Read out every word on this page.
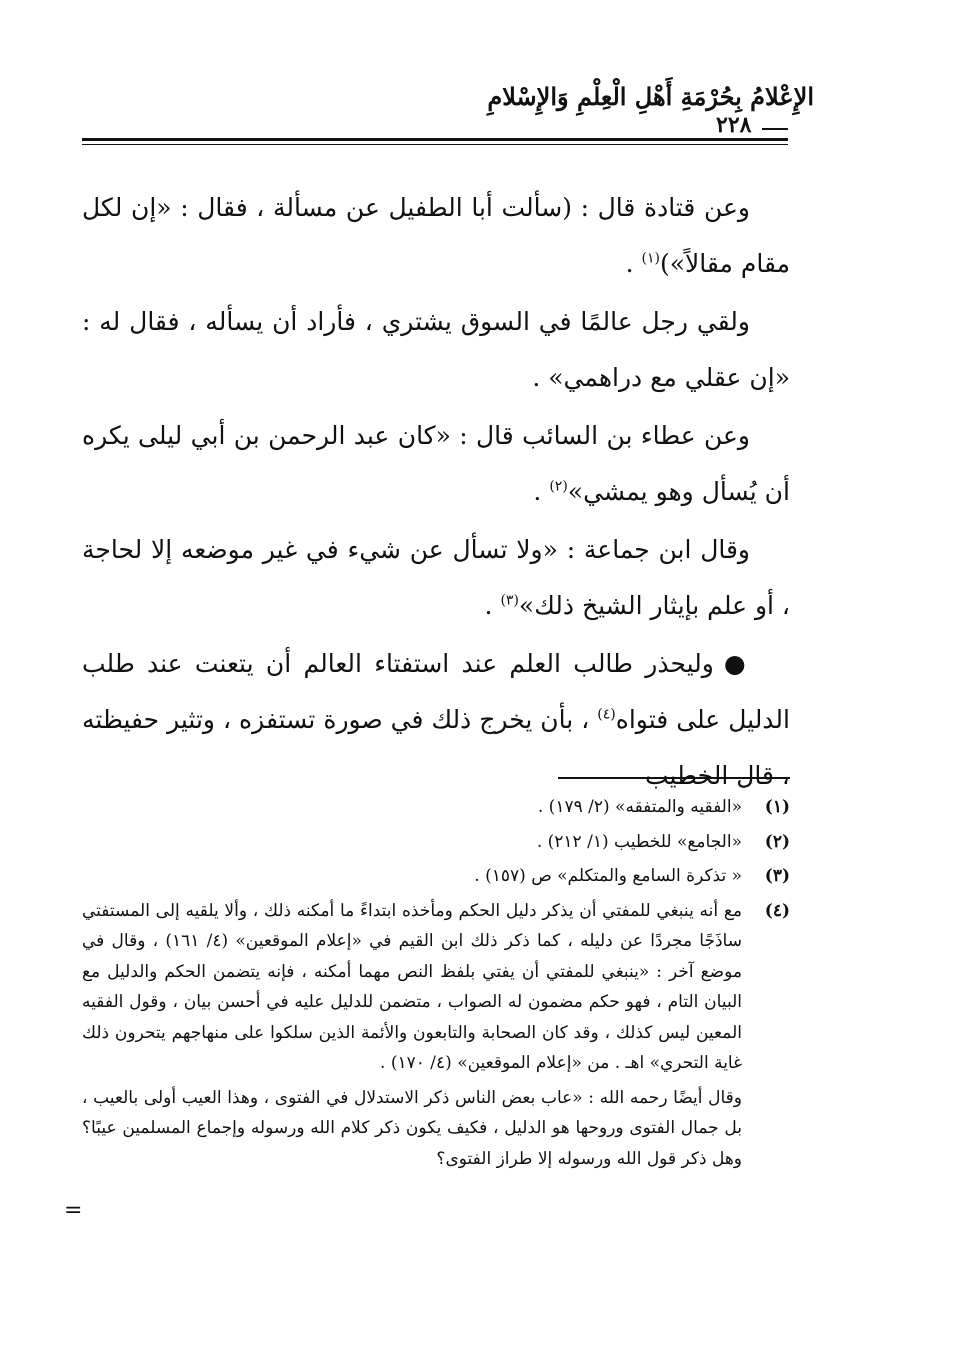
الإِعْلامُ بِحُرْمَةِ أَهْلِ الْعِلْمِ وَالإِسْلامِ
٢٢٨

وعن قتادة قال : (سألت أبا الطفيل عن مسألة ، فقال : «إن لكل مقام مقالاً»)$^{(١)}$ .

ولقي رجل عالمًا في السوق يشتري ، فأراد أن يسأله ، فقال له : «إن عقلي مع دراهمي» .

وعن عطاء بن السائب قال : «كان عبد الرحمن بن أبي ليلى يكره أن يُسأل وهو يمشي»$^{(٢)}$ .

وقال ابن جماعة : «ولا تسأل عن شيء في غير موضعه إلا لحاجة ، أو علم بإيثار الشيخ ذلك»$^{(٣)}$ .

●وليحذر طالب العلم عند استفتاء العالم أن يتعنت عند طلب الدليل على فتواه$^{(٤)}$ ، بأن يخرج ذلك في صورة تستفزه ، وتثير حفيظته ، قال الخطيب

(١)
«الفقيه والمتفقه» (٢/ ١٧٩) .
(٢)
«الجامع» للخطيب (١/ ٢١٢) .
(٣)
« تذكرة السامع والمتكلم» ص (١٥٧) .
(٤)
مع أنه ينبغي للمفتي أن يذكر دليل الحكم ومأخذه ابتداءً ما أمكنه ذلك ، وألا يلقيه إلى المستفتي ساذَجًا مجردًا عن دليله ، كما ذكر ذلك ابن القيم في «إعلام الموقعين» (٤/ ١٦١) ، وقال في موضع آخر : «ينبغي للمفتي أن يفتي بلفظ النص مهما أمكنه ، فإنه يتضمن الحكم والدليل مع البيان التام ، فهو حكم مضمون له الصواب ، متضمن للدليل عليه في أحسن بيان ، وقول الفقيه المعين ليس كذلك ، وقد كان الصحابة والتابعون والأئمة الذين سلكوا على منهاجهم يتحرون ذلك غاية التحري» اهـ . من «إعلام الموقعين» (٤/ ١٧٠) .
وقال أيضًا رحمه الله : «عاب بعض الناس ذكر الاستدلال في الفتوى ، وهذا العيب أولى بالعيب ، بل جمال الفتوى وروحها هو الدليل ، فكيف يكون ذكر كلام الله ورسوله وإجماع المسلمين عيبًا؟ وهل ذكر قول الله ورسوله إلا طراز الفتوى؟
=
